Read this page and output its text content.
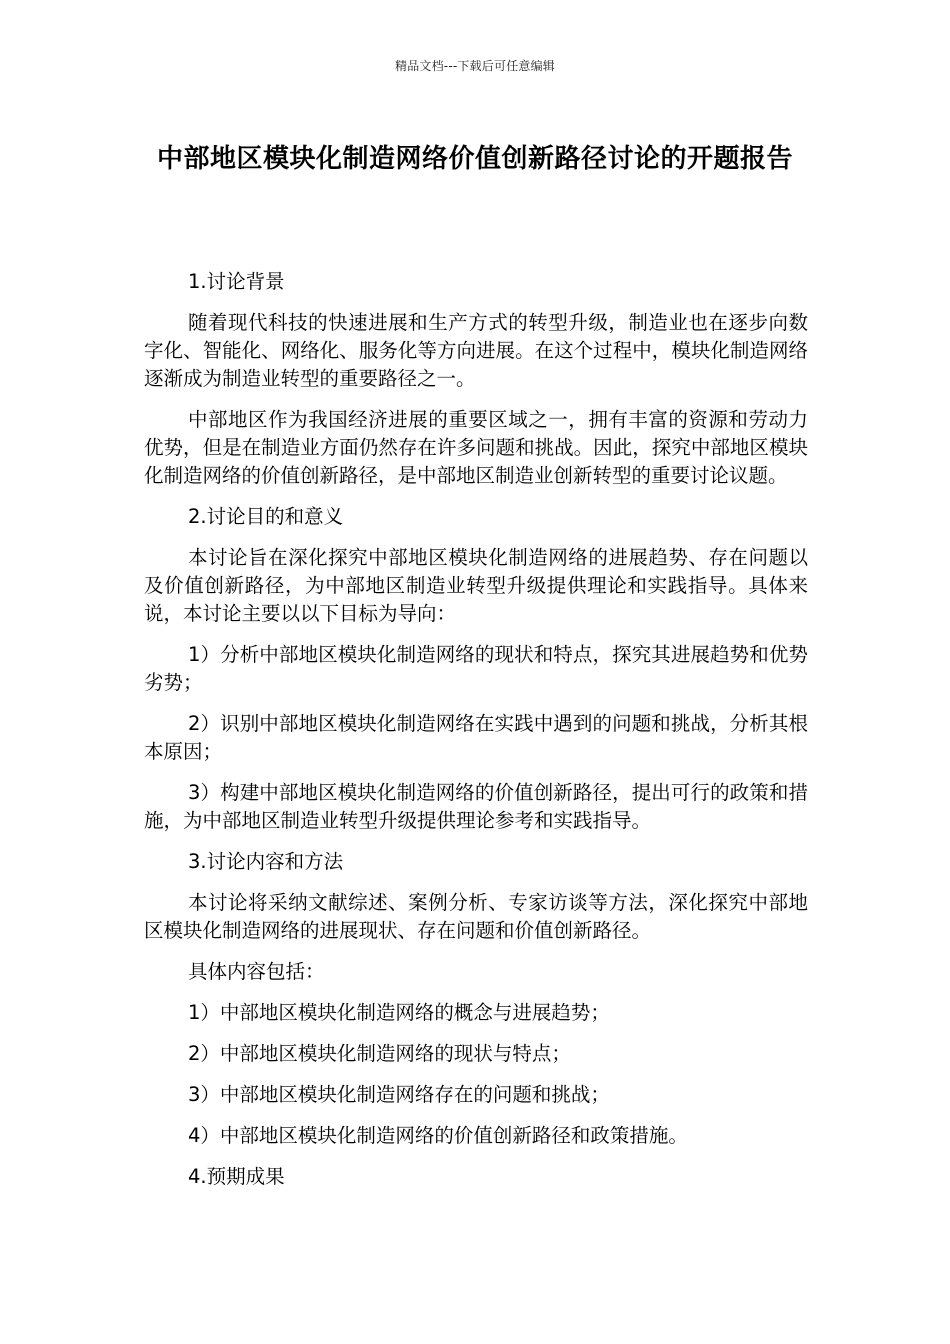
精品文档---下载后可任意编辑
中部地区模块化制造网络价值创新路径讨论的开题报告

1.讨论背景

随着现代科技的快速进展和生产方式的转型升级，制造业也在逐步向数字化、智能化、网络化、服务化等方向进展。在这个过程中，模块化制造网络逐渐成为制造业转型的重要路径之一。

中部地区作为我国经济进展的重要区域之一，拥有丰富的资源和劳动力优势，但是在制造业方面仍然存在许多问题和挑战。因此，探究中部地区模块化制造网络的价值创新路径，是中部地区制造业创新转型的重要讨论议题。

2.讨论目的和意义

本讨论旨在深化探究中部地区模块化制造网络的进展趋势、存在问题以及价值创新路径，为中部地区制造业转型升级提供理论和实践指导。具体来说，本讨论主要以以下目标为导向：

1）分析中部地区模块化制造网络的现状和特点，探究其进展趋势和优势劣势；

2）识别中部地区模块化制造网络在实践中遇到的问题和挑战，分析其根本原因；

3）构建中部地区模块化制造网络的价值创新路径，提出可行的政策和措施，为中部地区制造业转型升级提供理论参考和实践指导。

3.讨论内容和方法

本讨论将采纳文献综述、案例分析、专家访谈等方法，深化探究中部地区模块化制造网络的进展现状、存在问题和价值创新路径。

具体内容包括：

1）中部地区模块化制造网络的概念与进展趋势；

2）中部地区模块化制造网络的现状与特点；

3）中部地区模块化制造网络存在的问题和挑战；

4）中部地区模块化制造网络的价值创新路径和政策措施。

4.预期成果
